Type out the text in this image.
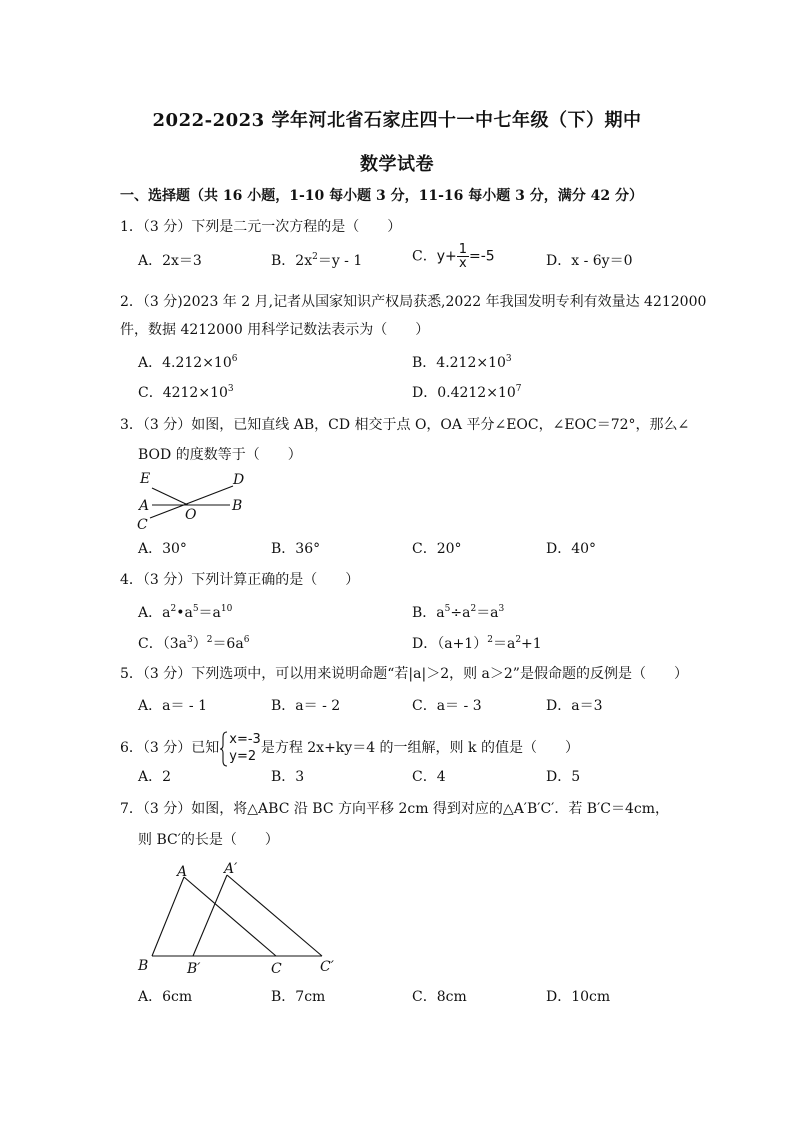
2022-2023 学年河北省石家庄四十一中七年级（下）期中
数学试卷
一、选择题（共 16 小题，1-10 每小题 3 分，11-16 每小题 3 分，满分 42 分）
1．（3 分）下列是二元一次方程的是（　　）
A．2x＝3	B．$2x^2=y - 1$	C．$y+ \frac{1}{x} =-5$	D．x - 6y＝0
2．（3 分)2023 年 2 月,记者从国家知识产权局获悉,2022 年我国发明专利有效量达 4212000
件，数据 4212000 用科学记数法表示为（　　）
A．$4.212\times 10^6$	B．$4.212\times 10^3$
C．$4212\times 10^3$	D．$0.4212\times 10^7$
3．（3 分）如图，已知直线 AB，CD 相交于点 O，OA 平分∠EOC，∠EOC＝72°，那么∠
BOD 的度数等于（　　）
E	D
A
O
B
C
A．30°	B．36°	C．20°	D．40°
4．（3 分）下列计算正确的是（　　）
A．$a^2•a^5=a^{10}$	B．$a^5\div a^2=a^3$
C．$(3a^3)^2=6a^6$	D．$(a+1)^2=a^2+1$
5．（3 分）下列选项中，可以用来说明命题“若|a|＞2，则 a＞2”是假命题的反例是（　　）
A．a＝ - 1	B．a＝ - 2	C．a＝ - 3	D．a＝3
6．（3 分）已知
x=-3
y=2
是方程 2x+ky＝4 的一组解，则 k 的值是（　　）
A．2	B．3	C．4	D．5
7．（3 分）如图，将△ABC 沿 BC 方向平移 2cm 得到对应的△A′B′C′．若 B′C＝4cm，
则 BC′的长是（　　）
A	A′
B	B′	C	C′
A．6cm	B．7cm	C．8cm	D．10cm
